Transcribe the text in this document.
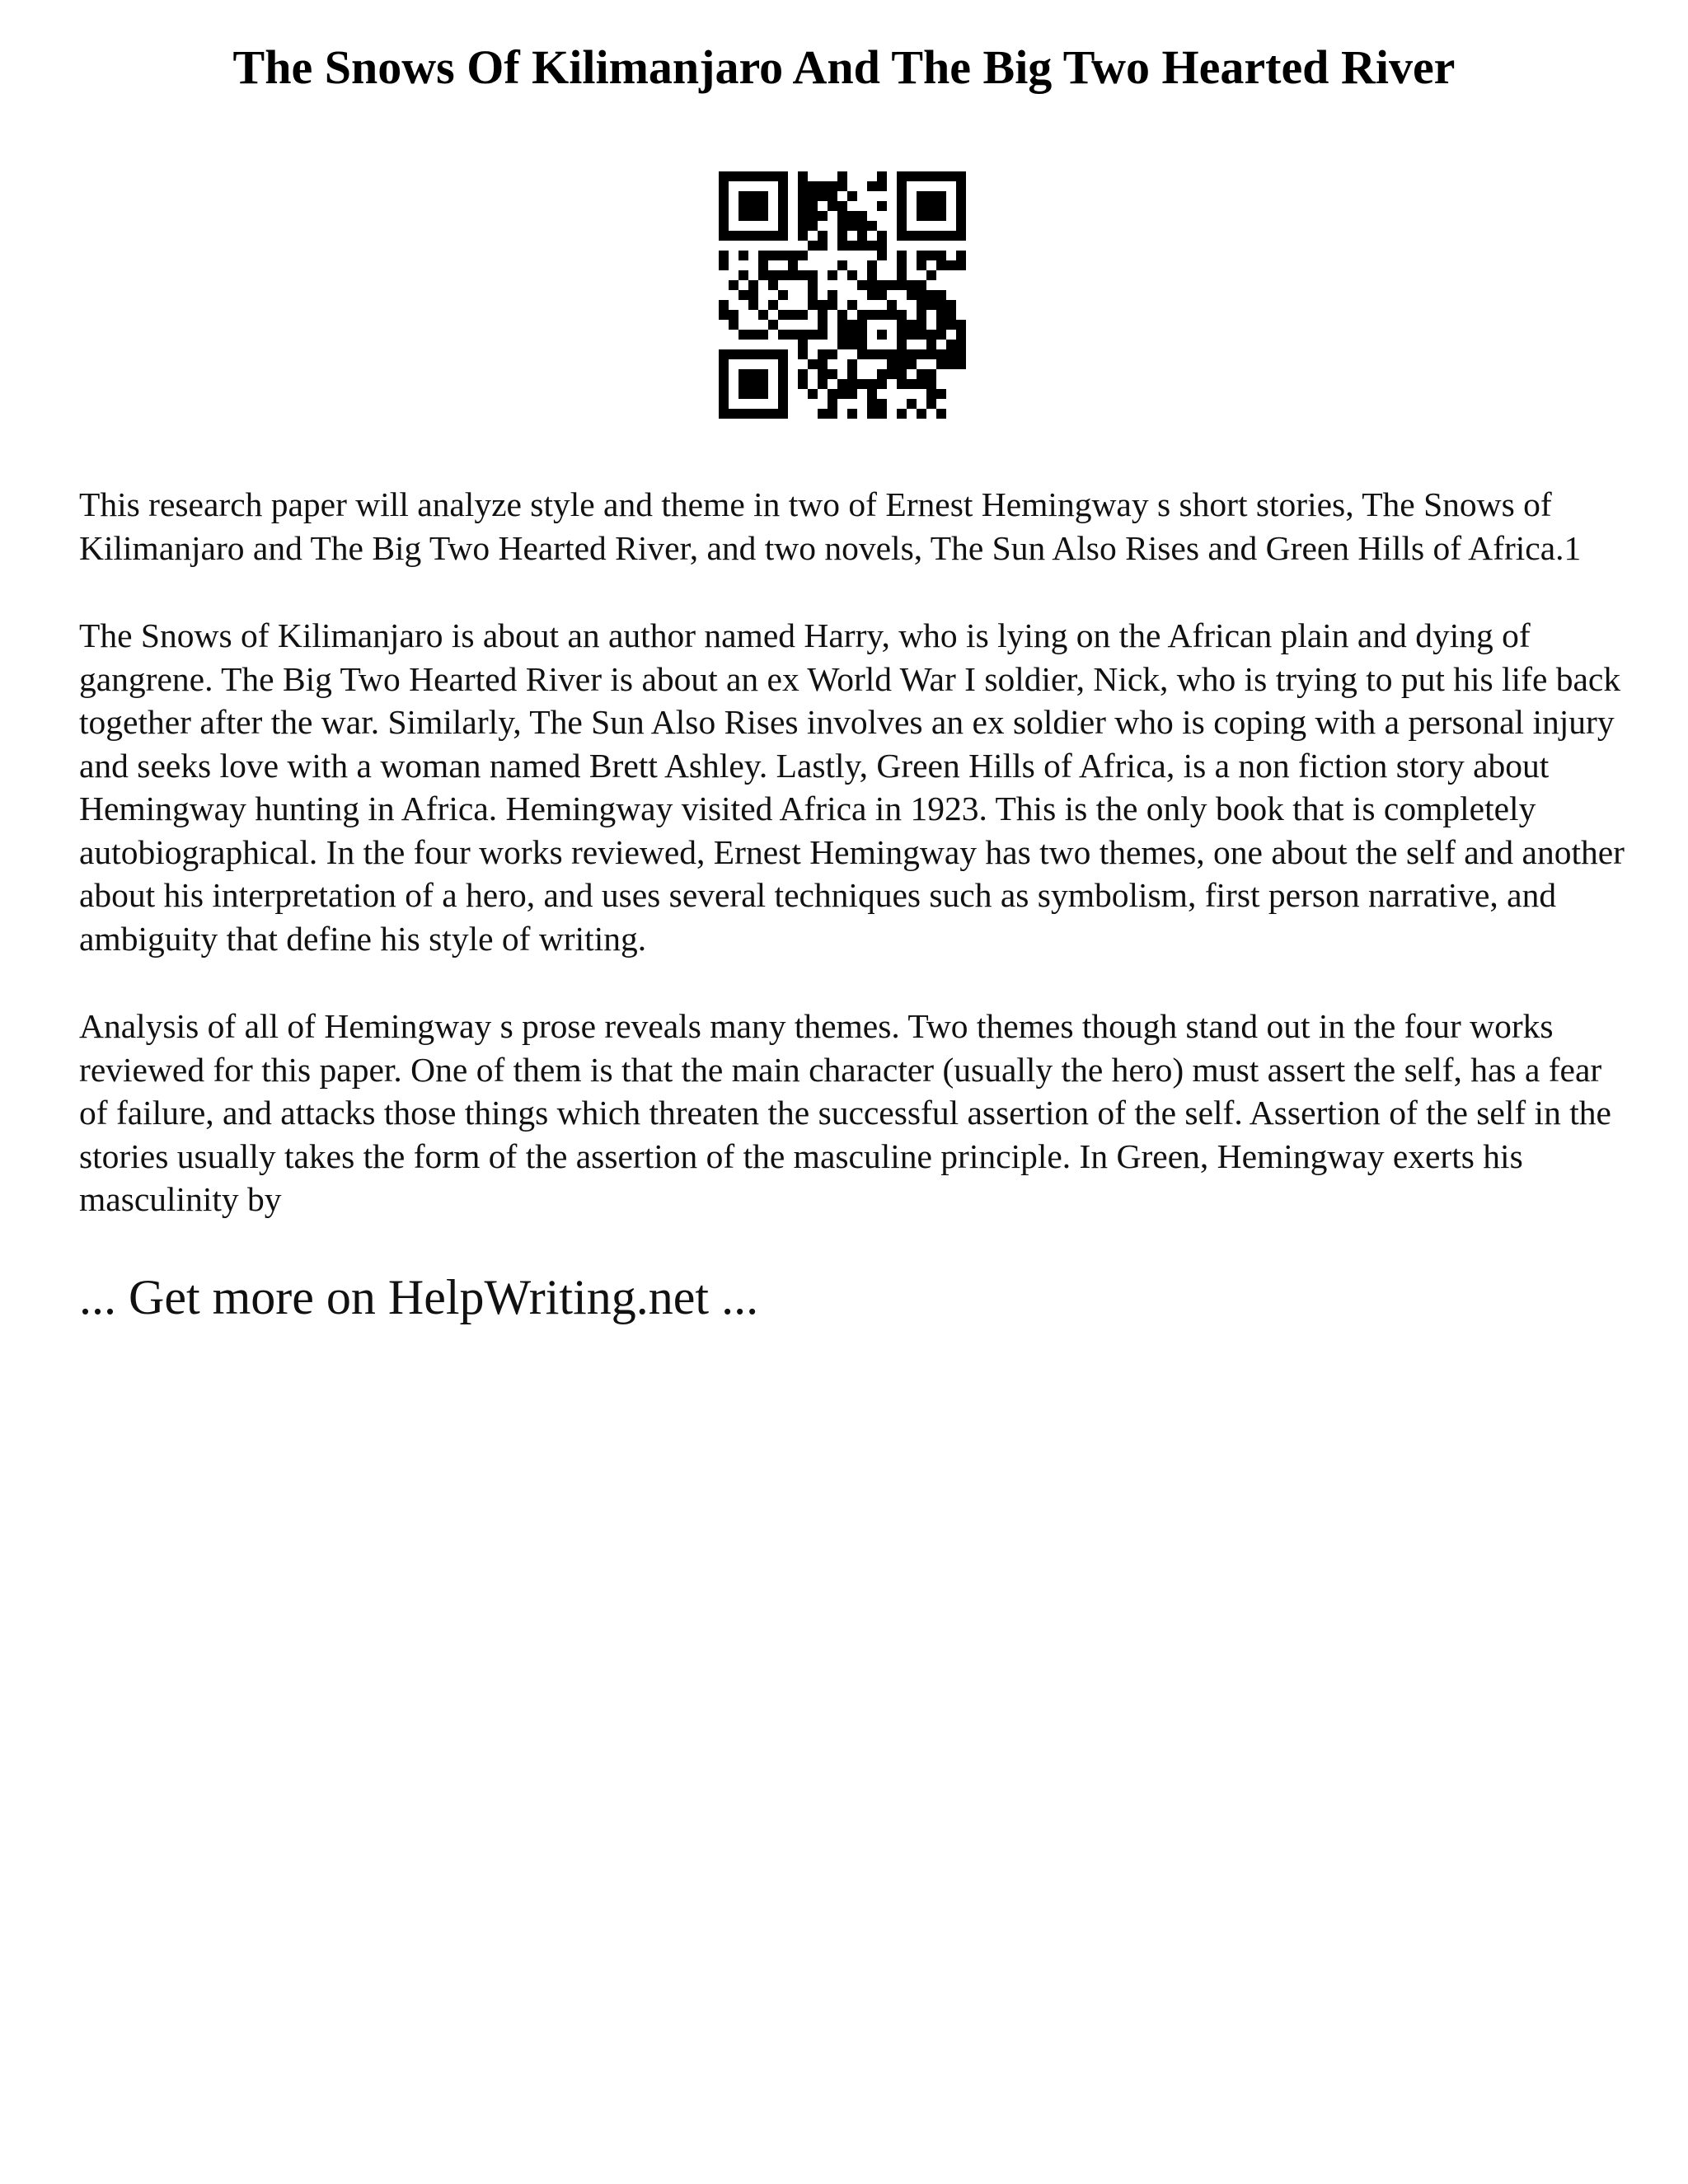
The Snows Of Kilimanjaro And The Big Two Hearted River

This research paper will analyze style and theme in two of Ernest Hemingway s short stories, The Snows of Kilimanjaro and The Big Two Hearted River, and two novels, The Sun Also Rises and Green Hills of Africa.1

The Snows of Kilimanjaro is about an author named Harry, who is lying on the African plain and dying of gangrene. The Big Two Hearted River is about an ex World War I soldier, Nick, who is trying to put his life back together after the war. Similarly, The Sun Also Rises involves an ex soldier who is coping with a personal injury and seeks love with a woman named Brett Ashley. Lastly, Green Hills of Africa, is a non fiction story about Hemingway hunting in Africa. Hemingway visited Africa in 1923. This is the only book that is completely autobiographical. In the four works reviewed, Ernest Hemingway has two themes, one about the self and another about his interpretation of a hero, and uses several techniques such as symbolism, first person narrative, and ambiguity that define his style of writing.

Analysis of all of Hemingway s prose reveals many themes. Two themes though stand out in the four works reviewed for this paper. One of them is that the main character (usually the hero) must assert the self, has a fear of failure, and attacks those things which threaten the successful assertion of the self. Assertion of the self in the stories usually takes the form of the assertion of the masculine principle. In Green, Hemingway exerts his masculinity by

... Get more on HelpWriting.net ...
